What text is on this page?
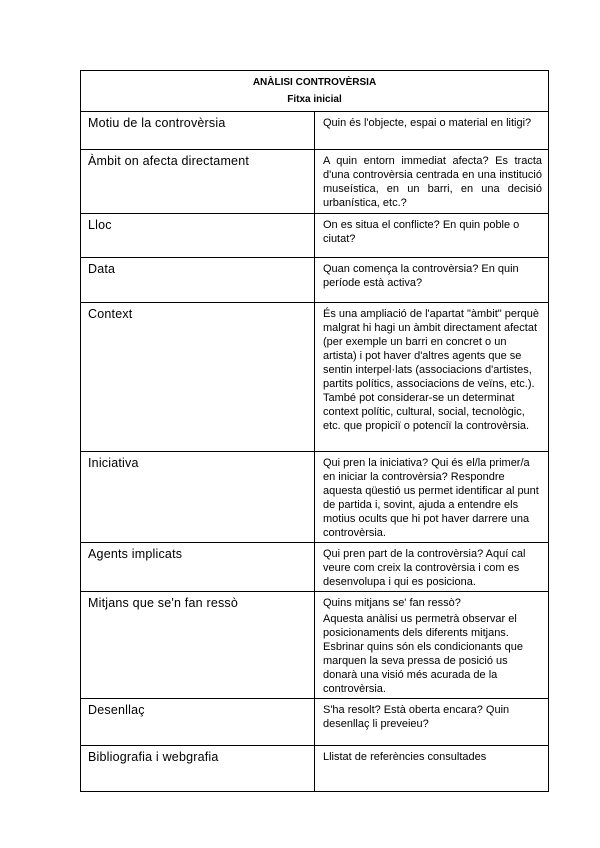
ANÀLISI CONTROVÈRSIA
Fitxa inicial	

Motiu de la controvèrsia	Quin és l'objecte, espai o material en litigi?
Àmbit on afecta directament	A quin entorn immediat afecta? Es tracta d'una controvèrsia centrada en una institució museística, en un barri, en una decisió urbanística, etc.?
Lloc	On es situa el conflicte? En quin poble o ciutat?
Data	Quan comença la controvèrsia? En quin període està activa?
Context	És una ampliació de l'apartat "àmbit" perquè malgrat hi hagi un àmbit directament afectat (per exemple un barri en concret o un artista) i pot haver d'altres agents que se sentin interpel·lats (associacions d'artistes, partits polítics, associacions de veïns, etc.). També pot considerar-se un determinat context polític, cultural, social, tecnològic, etc. que propiciï o potenciï la controvèrsia.
Iniciativa	Qui pren la iniciativa? Qui és el/la primer/a en iniciar la controvèrsia? Respondre aquesta qüestió us permet identificar al punt de partida i, sovint, ajuda a entendre els motius ocults que hi pot haver darrere una controvèrsia.
Agents implicats	Qui pren part de la controvèrsia? Aquí cal veure com creix la controvèrsia i com es desenvolupa i qui es posiciona.
Mitjans que se'n fan ressò	Quins mitjans se' fan ressò?
Aquesta anàlisi us permetrà observar el posicionaments dels diferents mitjans. Esbrinar quins són els condicionants que marquen la seva pressa de posició us donarà una visió més acurada de la controvèrsia.

Desenllaç	S'ha resolt? Està oberta encara? Quin desenllaç li preveieu?
Bibliografia i webgrafia	Llistat de referències consultades
